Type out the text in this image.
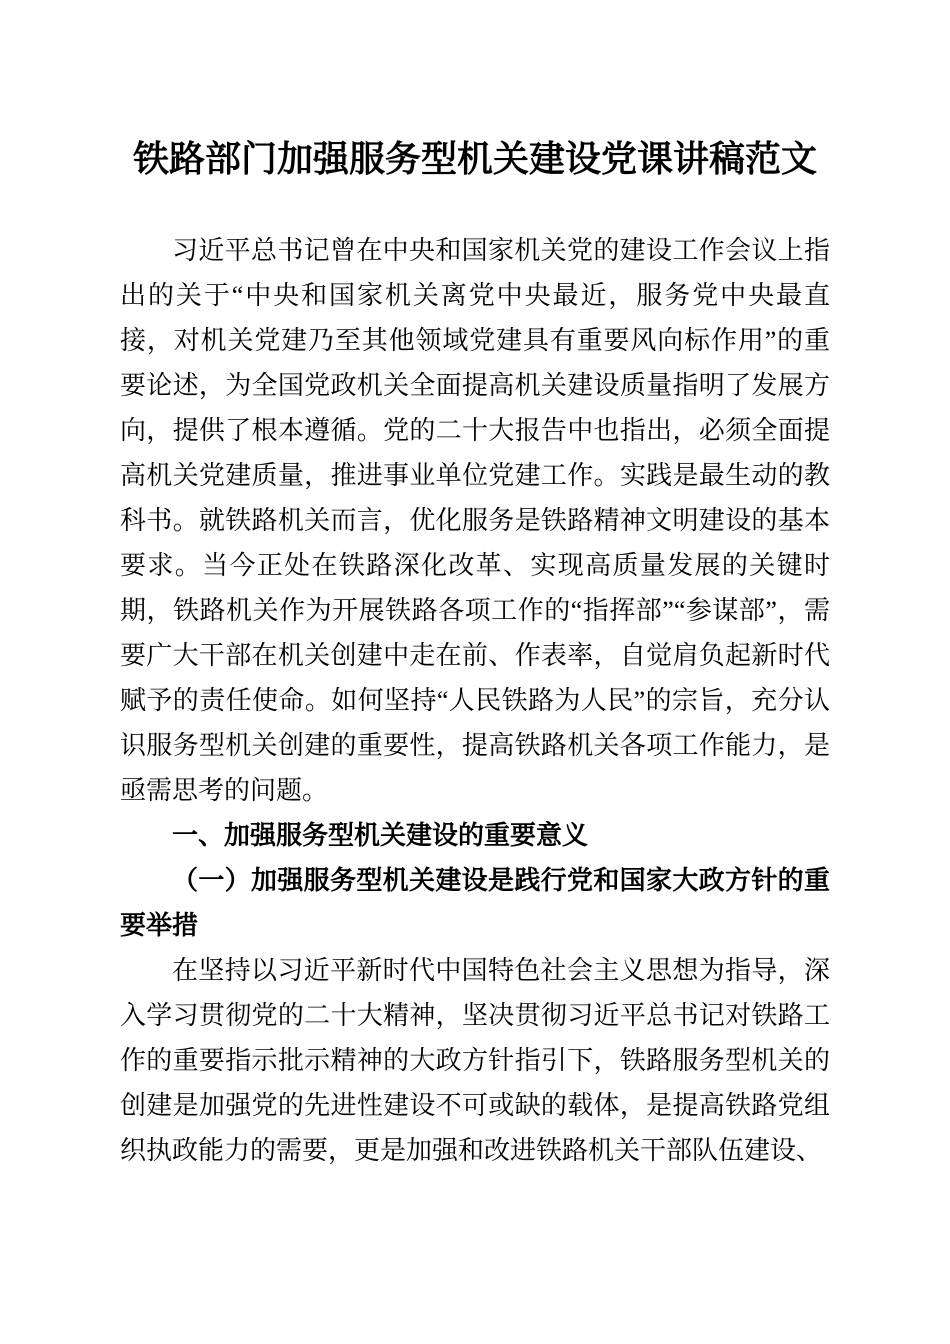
铁路部门加强服务型机关建设党课讲稿范文

习近平总书记曾在中央和国家机关党的建设工作会议上指出的关于“中央和国家机关离党中央最近，服务党中央最直接，对机关党建乃至其他领域党建具有重要风向标作用”的重要论述，为全国党政机关全面提高机关建设质量指明了发展方向，提供了根本遵循。党的二十大报告中也指出，必须全面提高机关党建质量，推进事业单位党建工作。实践是最生动的教科书。就铁路机关而言，优化服务是铁路精神文明建设的基本要求。当今正处在铁路深化改革、实现高质量发展的关键时期，铁路机关作为开展铁路各项工作的“指挥部”“参谋部”，需要广大干部在机关创建中走在前、作表率，自觉肩负起新时代赋予的责任使命。如何坚持“人民铁路为人民”的宗旨，充分认识服务型机关创建的重要性，提高铁路机关各项工作能力，是亟需思考的问题。

一、加强服务型机关建设的重要意义
（一）加强服务型机关建设是践行党和国家大政方针的重要举措

在坚持以习近平新时代中国特色社会主义思想为指导，深入学习贯彻党的二十大精神，坚决贯彻习近平总书记对铁路工作的重要指示批示精神的大政方针指引下，铁路服务型机关的创建是加强党的先进性建设不可或缺的载体，是提高铁路党组织执政能力的需要，更是加强和改进铁路机关干部队伍建设、
